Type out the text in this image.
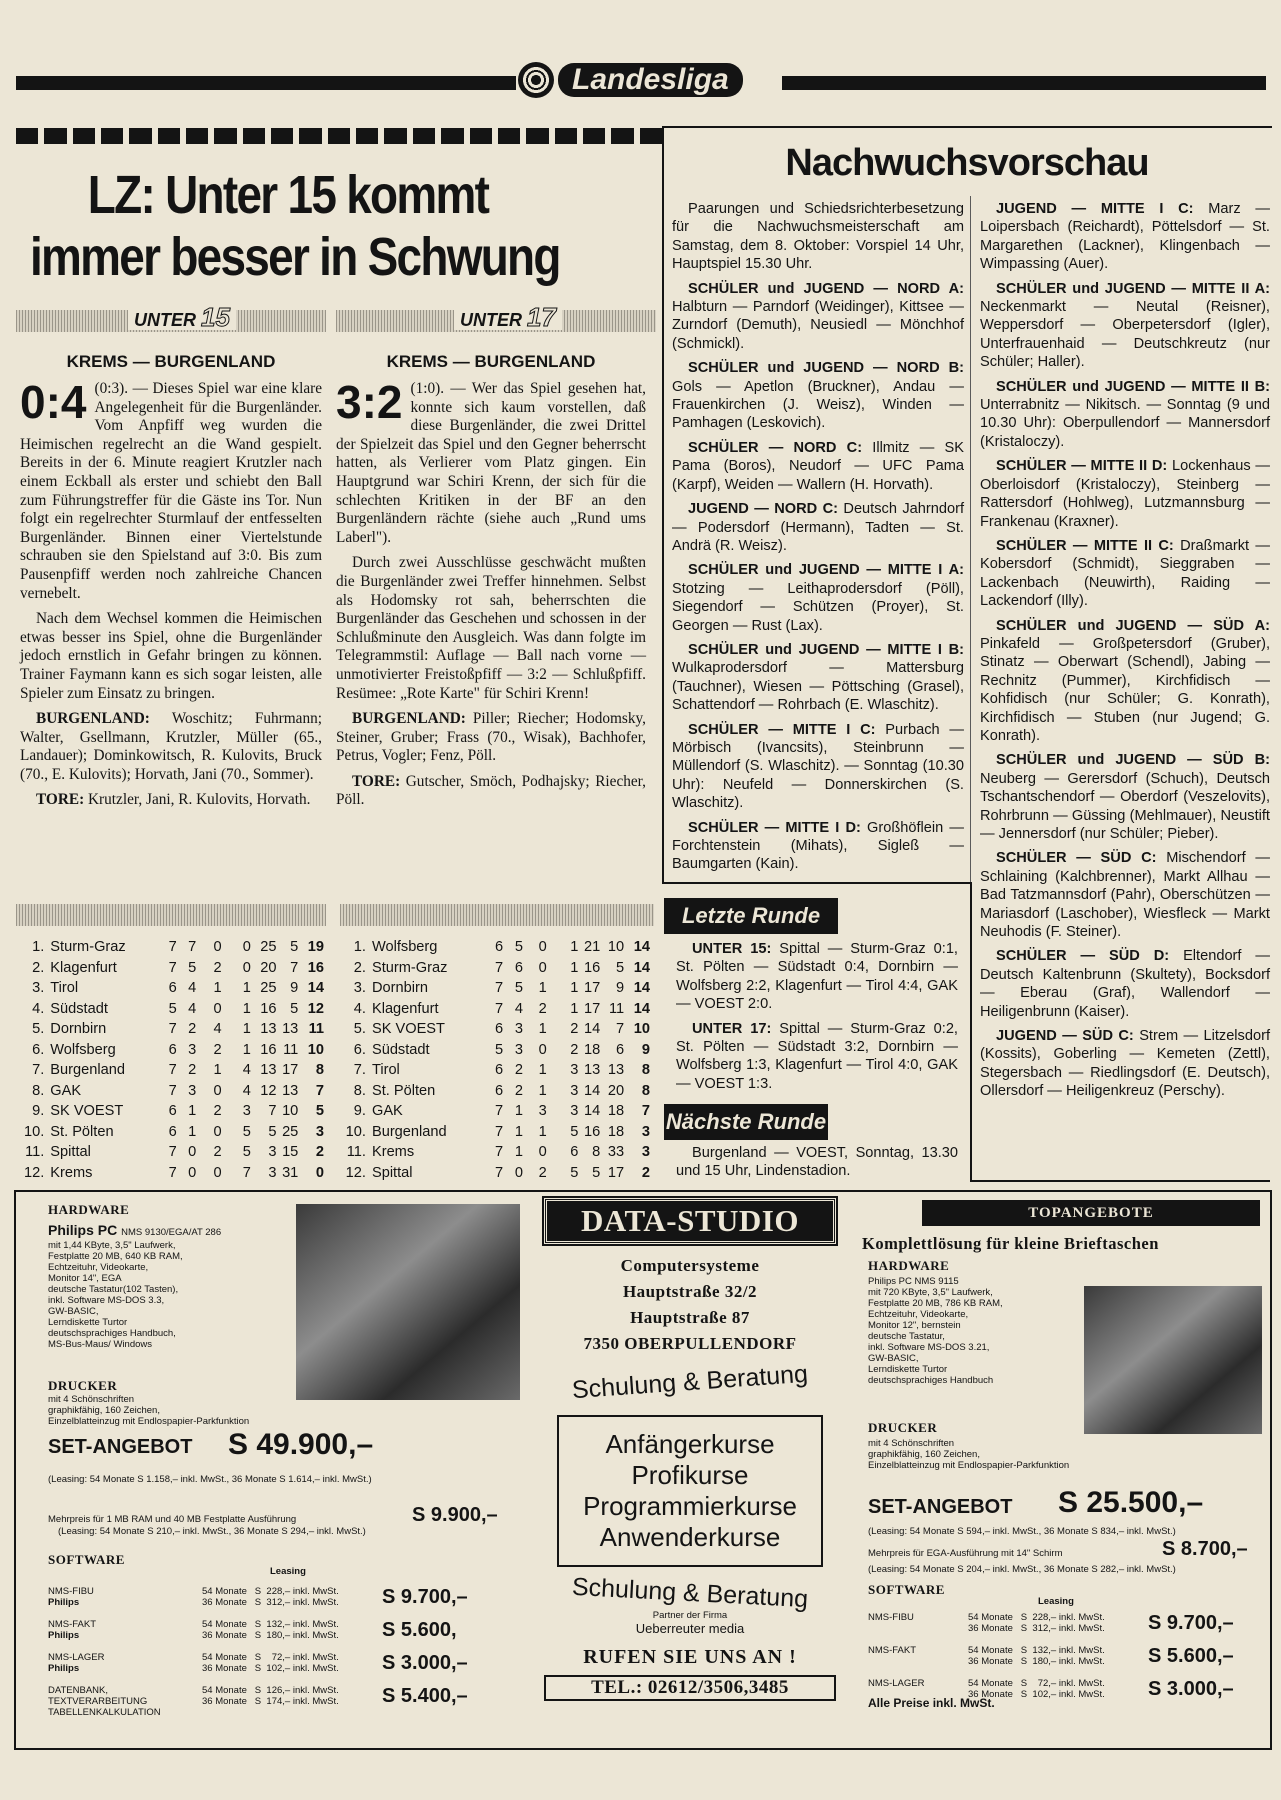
Landesliga
LZ: Unter 15 kommt
immer besser in Schwung
UNTER 15
KREMS — BURGENLAND

0:4 (0:3). — Dieses Spiel war eine klare Angelegenheit für die Burgenländer. Vom Anpfiff weg wurden die Heimischen regelrecht an die Wand gespielt. Bereits in der 6. Minute reagiert Krutzler nach einem Eckball als erster und schiebt den Ball zum Führungstreffer für die Gäste ins Tor. Nun folgt ein regelrechter Sturmlauf der entfesselten Burgenländer. Binnen einer Viertelstunde schrauben sie den Spielstand auf 3:0. Bis zum Pausenpfiff werden noch zahlreiche Chancen vernebelt.

Nach dem Wechsel kommen die Heimischen etwas besser ins Spiel, ohne die Burgenländer jedoch ernstlich in Gefahr bringen zu können. Trainer Faymann kann es sich sogar leisten, alle Spieler zum Einsatz zu bringen.

BURGENLAND: Woschitz; Fuhrmann; Walter, Gsellmann, Krutzler, Müller (65., Landauer); Dominkowitsch, R. Kulovits, Bruck (70., E. Kulovits); Horvath, Jani (70., Sommer).

TORE: Krutzler, Jani, R. Kulovits, Horvath.

UNTER 17
KREMS — BURGENLAND

3:2 (1:0). — Wer das Spiel gesehen hat, konnte sich kaum vorstellen, daß diese Burgenländer, die zwei Drittel der Spielzeit das Spiel und den Gegner beherrscht hatten, als Verlierer vom Platz gingen. Ein Hauptgrund war Schiri Krenn, der sich für die schlechten Kritiken in der BF an den Burgenländern rächte (siehe auch „Rund ums Laberl").

Durch zwei Ausschlüsse geschwächt mußten die Burgenländer zwei Treffer hinnehmen. Selbst als Hodomsky rot sah, beherrschten die Burgenländer das Geschehen und schossen in der Schlußminute den Ausgleich. Was dann folgte im Telegrammstil: Auflage — Ball nach vorne — unmotivierter Freistoßpfiff — 3:2 — Schlußpfiff. Resümee: „Rote Karte" für Schiri Krenn!

BURGENLAND: Piller; Riecher; Hodomsky, Steiner, Gruber; Frass (70., Wisak), Bachhofer, Petrus, Vogler; Fenz, Pöll.

TORE: Gutscher, Smöch, Podhajsky; Riecher, Pöll.

1.	Sturm-Graz	7	7	0	0	25	5	19
2.	Klagenfurt	7	5	2	0	20	7	16
3.	Tirol	6	4	1	1	25	9	14
4.	Südstadt	5	4	0	1	16	5	12
5.	Dornbirn	7	2	4	1	13	13	11
6.	Wolfsberg	6	3	2	1	16	11	10
7.	Burgenland	7	2	1	4	13	17	8
8.	GAK	7	3	0	4	12	13	7
9.	SK VOEST	6	1	2	3	7	10	5
10.	St. Pölten	6	1	0	5	5	25	3
11.	Spittal	7	0	2	5	3	15	2
12.	Krems	7	0	0	7	3	31	0
1.	Wolfsberg	6	5	0	1	21	10	14
2.	Sturm-Graz	7	6	0	1	16	5	14
3.	Dornbirn	7	5	1	1	17	9	14
4.	Klagenfurt	7	4	2	1	17	11	14
5.	SK VOEST	6	3	1	2	14	7	10
6.	Südstadt	5	3	0	2	18	6	9
7.	Tirol	6	2	1	3	13	13	8
8.	St. Pölten	6	2	1	3	14	20	8
9.	GAK	7	1	3	3	14	18	7
10.	Burgenland	7	1	1	5	16	18	3
11.	Krems	7	1	0	6	8	33	3
12.	Spittal	7	0	2	5	5	17	2
Nachwuchsvorschau

Paarungen und Schiedsrichterbesetzung für die Nachwuchsmeisterschaft am Samstag, dem 8. Oktober: Vorspiel 14 Uhr, Hauptspiel 15.30 Uhr.

SCHÜLER und JUGEND — NORD A: Halbturn — Parndorf (Weidinger), Kittsee — Zurndorf (Demuth), Neusiedl — Mönchhof (Schmickl).

SCHÜLER und JUGEND — NORD B: Gols — Apetlon (Bruckner), Andau — Frauenkirchen (J. Weisz), Winden — Pamhagen (Leskovich).

SCHÜLER — NORD C: Illmitz — SK Pama (Boros), Neudorf — UFC Pama (Karpf), Weiden — Wallern (H. Horvath).

JUGEND — NORD C: Deutsch Jahrndorf — Podersdorf (Hermann), Tadten — St. Andrä (R. Weisz).

SCHÜLER und JUGEND — MITTE I A: Stotzing — Leithaprodersdorf (Pöll), Siegendorf — Schützen (Proyer), St. Georgen — Rust (Lax).

SCHÜLER und JUGEND — MITTE I B: Wulkaprodersdorf — Mattersburg (Tauchner), Wiesen — Pöttsching (Grasel), Schattendorf — Rohrbach (E. Wlaschitz).

SCHÜLER — MITTE I C: Purbach — Mörbisch (Ivancsits), Steinbrunn — Müllendorf (S. Wlaschitz). — Sonntag (10.30 Uhr): Neufeld — Donnerskirchen (S. Wlaschitz).

SCHÜLER — MITTE I D: Großhöflein — Forchtenstein (Mihats), Sigleß — Baumgarten (Kain).

JUGEND — MITTE I C: Marz — Loipersbach (Reichardt), Pöttelsdorf — St. Margarethen (Lackner), Klingenbach — Wimpassing (Auer).

SCHÜLER und JUGEND — MITTE II A: Neckenmarkt — Neutal (Reisner), Weppersdorf — Oberpetersdorf (Igler), Unterfrauenhaid — Deutschkreutz (nur Schüler; Haller).

SCHÜLER und JUGEND — MITTE II B: Unterrabnitz — Nikitsch. — Sonntag (9 und 10.30 Uhr): Oberpullendorf — Mannersdorf (Kristaloczy).

SCHÜLER — MITTE II D: Lockenhaus — Oberloisdorf (Kristaloczy), Steinberg — Rattersdorf (Hohlweg), Lutzmannsburg — Frankenau (Kraxner).

SCHÜLER — MITTE II C: Draßmarkt — Kobersdorf (Schmidt), Sieggraben — Lackenbach (Neuwirth), Raiding — Lackendorf (Illy).

SCHÜLER und JUGEND — SÜD A: Pinkafeld — Großpetersdorf (Gruber), Stinatz — Oberwart (Schendl), Jabing — Rechnitz (Pummer), Kirchfidisch — Kohfidisch (nur Schüler; G. Konrath), Kirchfidisch — Stuben (nur Jugend; G. Konrath).

SCHÜLER und JUGEND — SÜD B: Neuberg — Gerersdorf (Schuch), Deutsch Tschantschendorf — Oberdorf (Veszelovits), Rohrbrunn — Güssing (Mehlmauer), Neustift — Jennersdorf (nur Schüler; Pieber).

SCHÜLER — SÜD C: Mischendorf — Schlaining (Kalchbrenner), Markt Allhau — Bad Tatzmannsdorf (Pahr), Oberschützen — Mariasdorf (Laschober), Wiesfleck — Markt Neuhodis (F. Steiner).

SCHÜLER — SÜD D: Eltendorf — Deutsch Kaltenbrunn (Skultety), Bocksdorf — Eberau (Graf), Wallendorf — Heiligenbrunn (Kaiser).

JUGEND — SÜD C: Strem — Litzelsdorf (Kossits), Goberling — Kemeten (Zettl), Stegersbach — Riedlingsdorf (E. Deutsch), Ollersdorf — Heiligenkreuz (Perschy).

Letzte Runde

UNTER 15: Spittal — Sturm-Graz 0:1, St. Pölten — Südstadt 0:4, Dornbirn — Wolfsberg 2:2, Klagenfurt — Tirol 4:4, GAK — VOEST 2:0.

UNTER 17: Spittal — Sturm-Graz 0:2, St. Pölten — Südstadt 3:2, Dornbirn — Wolfsberg 1:3, Klagenfurt — Tirol 4:0, GAK — VOEST 1:3.

Nächste Runde

Burgenland — VOEST, Sonntag, 13.30 und 15 Uhr, Lindenstadion.

HARDWARE
Philips PC NMS 9130/EGA/AT 286
mit 1,44 KByte, 3,5" Laufwerk,
Festplatte 20 MB, 640 KB RAM,
Echtzeituhr, Videokarte,
Monitor 14", EGA
deutsche Tastatur(102 Tasten),
inkl. Software MS-DOS 3.3,
GW-BASIC,
Lerndiskette Turtor
deutschsprachiges Handbuch,
MS-Bus-Maus/ Windows
DRUCKER
mit 4 Schönschriften
graphikfähig, 160 Zeichen,
Einzelblatteinzug mit Endlospapier-Parkfunktion
SET-ANGEBOT S 49.900,–
(Leasing: 54 Monate S 1.158,– inkl. MwSt., 36 Monate S 1.614,– inkl. MwSt.)
Mehrpreis für 1 MB RAM und 40 MB Festplatte Ausführung
(Leasing: 54 Monate S 210,– inkl. MwSt., 36 Monate S 294,– inkl. MwSt.)
S 9.900,–
SOFTWARE
Leasing
NMS-FIBU
Philips
54 Monate   S  228,– inkl. MwSt.
36 Monate   S  312,– inkl. MwSt.	S 9.700,–
NMS-FAKT
Philips
54 Monate   S  132,– inkl. MwSt.
36 Monate   S  180,– inkl. MwSt.	S 5.600,
NMS-LAGER
Philips
54 Monate   S    72,– inkl. MwSt.
36 Monate   S  102,– inkl. MwSt.	S 3.000,–
DATENBANK, TEXTVERARBEITUNG TABELLENKALKULATION
54 Monate   S  126,– inkl. MwSt.
36 Monate   S  174,– inkl. MwSt.	S 5.400,–
DATA-STUDIO
Computersysteme
Hauptstraße 32/2
Hauptstraße 87
7350 OBERPULLENDORF
Schulung & Beratung
Anfängerkurse
Profikurse
Programmierkurse
Anwenderkurse
Schulung & Beratung
Partner der Firma
Ueberreuter media
RUFEN SIE UNS AN !
TEL.: 02612/3506,3485
TOPANGEBOTE
Komplettlösung für kleine Brieftaschen
HARDWARE
Philips PC NMS 9115
mit 720 KByte, 3,5" Laufwerk,
Festplatte 20 MB, 786 KB RAM,
Echtzeituhr, Videokarte,
Monitor 12", bernstein
deutsche Tastatur,
inkl. Software MS-DOS 3.21,
GW-BASIC,
Lerndiskette Turtor
deutschsprachiges Handbuch
DRUCKER
mit 4 Schönschriften
graphikfähig, 160 Zeichen,
Einzelblatteinzug mit Endlospapier-Parkfunktion
SET-ANGEBOT S 25.500,–
(Leasing: 54 Monate S 594,– inkl. MwSt., 36 Monate S 834,– inkl. MwSt.)
Mehrpreis für EGA-Ausführung mit 14" Schirm
(Leasing: 54 Monate S 204,– inkl. MwSt., 36 Monate S 282,– inkl. MwSt.)
S 8.700,–
SOFTWARE
Leasing
NMS-FIBU	54 Monate   S  228,– inkl. MwSt.
36 Monate   S  312,– inkl. MwSt.	S 9.700,–
NMS-FAKT	54 Monate   S  132,– inkl. MwSt.
36 Monate   S  180,– inkl. MwSt.	S 5.600,–
NMS-LAGER	54 Monate   S    72,– inkl. MwSt.
36 Monate   S  102,– inkl. MwSt.	S 3.000,–
Alle Preise inkl. MwSt.
